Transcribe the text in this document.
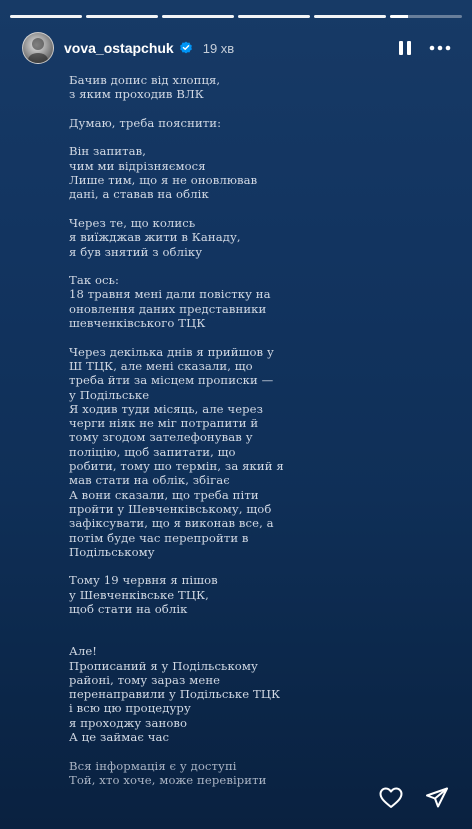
vova_ostapchuk 19 хв

Бачив допис від хлопця,
з яким проходив ВЛК

Думаю, треба пояснити:

Він запитав,
чим ми відрізняємося
Лише тим, що я не оновлював
дані, а ставав на облік

Через те, що колись
я виїжджав жити в Канаду,
я був знятий з обліку

Так ось:
18 травня мені дали повістку на
оновлення даних представники
шевченківського ТЦК

Через декілька днів я прийшов у
Ш ТЦК, але мені сказали, що
треба йти за місцем прописки —
у Подільське
Я ходив туди місяць, але через
черги ніяк не міг потрапити й
тому згодом зателефонував у
поліцію, щоб запитати, що
робити, тому шо термін, за який я
мав стати на облік, збігає
А вони сказали, що треба піти
пройти у Шевченківському, щоб
зафіксувати, що я виконав все, а
потім буде час перепройти в
Подільському

Тому 19 червня я пішов
у Шевченківське ТЦК,
щоб стати на облік

Але!
Прописаний я у Подільському
районі, тому зараз мене
перенаправили у Подільське ТЦК
і всю цю процедуру
я проходжу заново
А це займає час

Вся інформація є у доступі
Той, хто хоче, може перевірити
